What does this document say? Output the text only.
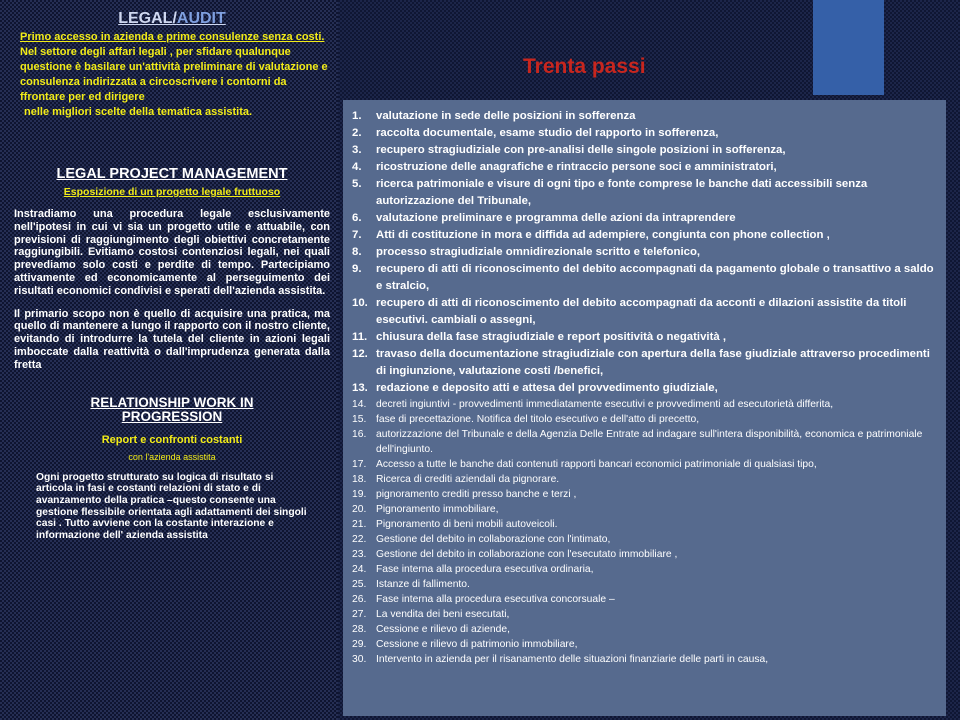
LEGAL/AUDIT
Primo accesso in azienda e prime consulenze senza costi.
Nel settore degli affari legali , per sfidare qualunque questione è basilare un'attività preliminare di valutazione e consulenza indirizzata a circoscrivere i contorni da ffrontare per ed dirigere
nelle migliori scelte della tematica assistita.

LEGAL PROJECT MANAGEMENT

Esposizione di un progetto legale fruttuoso

Instradiamo una procedura legale esclusivamente nell'ipotesi in cui vi sia un progetto utile e attuabile, con previsioni di raggiungimento degli obiettivi concretamente raggiungibili. Evitiamo costosi contenziosi legali, nei quali prevediamo solo costi e perdite di tempo. Partecipiamo attivamente ed economicamente al perseguimento dei risultati economici condivisi e sperati dell'azienda assistita.

Il primario scopo non è quello di acquisire una pratica, ma quello di mantenere a lungo il rapporto con il nostro cliente, evitando di introdurre la tutela del cliente in azioni legali imboccate dalla reattività o dall'imprudenza generata dalla fretta

RELATIONSHIP WORK IN PROGRESSION

Report e confronti costanti

con l'azienda assistita

Ogni progetto strutturato su logica di risultato si articola in fasi e costanti relazioni di stato e di avanzamento della pratica –questo consente una gestione flessibile orientata agli adattamenti dei singoli casi . Tutto avviene con la costante interazione e informazione dell' azienda assistita
Trenta passi
1.	valutazione in sede delle posizioni in sofferenza
2.	raccolta documentale, esame studio del rapporto in sofferenza,
3.	recupero stragiudiziale con pre-analisi delle singole posizioni in sofferenza,
4.	ricostruzione delle anagrafiche e rintraccio persone soci e amministratori,
5.	ricerca patrimoniale e visure di ogni tipo e fonte comprese le banche dati accessibili senza autorizzazione del Tribunale,
6.	valutazione preliminare e programma delle azioni da intraprendere
7.	Atti di costituzione in mora e diffida ad adempiere, congiunta con phone collection ,
8.	processo stragiudiziale omnidirezionale scritto e telefonico,
9.	recupero di atti di riconoscimento del debito accompagnati da pagamento globale o transattivo a saldo e stralcio,
10. recupero di atti di riconoscimento del debito accompagnati da acconti e dilazioni assistite da titoli esecutivi. cambiali o assegni,
11. chiusura della fase stragiudiziale e report positività o negatività ,
12. travaso della documentazione stragiudiziale con apertura della fase giudiziale attraverso procedimenti di ingiunzione, valutazione costi /benefici,
13. redazione e deposito atti e attesa del provvedimento giudiziale,
14. decreti ingiuntivi - provvedimenti immediatamente esecutivi e provvedimenti ad esecutorietà differita,
15. fase di precettazione. Notifica del titolo esecutivo e dell'atto di precetto,
16. autorizzazione del Tribunale e della Agenzia Delle Entrate ad indagare sull'intera disponibilità, economica e patrimoniale dell'ingiunto.
17. Accesso a tutte le banche dati contenuti rapporti bancari economici patrimoniale di qualsiasi tipo,
18. Ricerca di crediti aziendali da pignorare.
19. pignoramento crediti presso banche e terzi ,
20. Pignoramento immobiliare,
21. Pignoramento di beni mobili autoveicoli.
22. Gestione del debito in collaborazione con l'intimato,
23. Gestione del debito in collaborazione con l'esecutato immobiliare ,
24. Fase interna alla procedura esecutiva ordinaria,
25. Istanze di fallimento.
26. Fase interna alla procedura esecutiva concorsuale –
27. La vendita dei beni esecutati,
28. Cessione e rilievo di aziende,
29. Cessione e rilievo di patrimonio immobiliare,
30. Intervento in azienda per il risanamento delle situazioni finanziarie delle parti in causa,
